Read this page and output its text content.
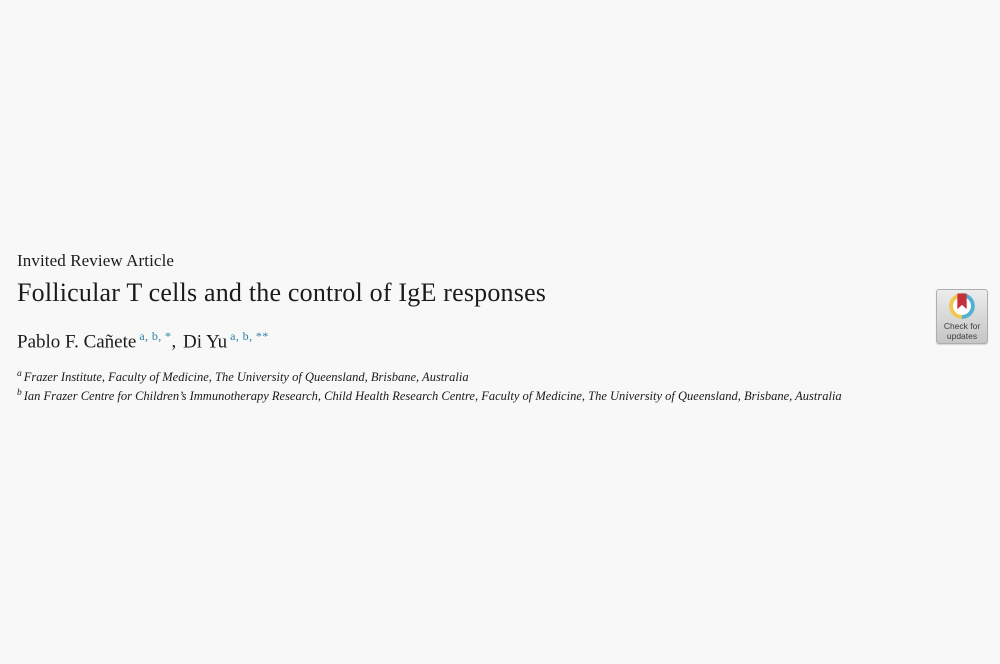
Invited Review Article
Follicular T cells and the control of IgE responses
Pablo F. Cañete $^{a, b, *}$, Di Yu $^{a, b, **}$

$^a$ Frazer Institute, Faculty of Medicine, The University of Queensland, Brisbane, Australia

$^b$ Ian Frazer Centre for Children’s Immunotherapy Research, Child Health Research Centre, Faculty of Medicine, The University of Queensland, Brisbane, Australia

Check for
updates
